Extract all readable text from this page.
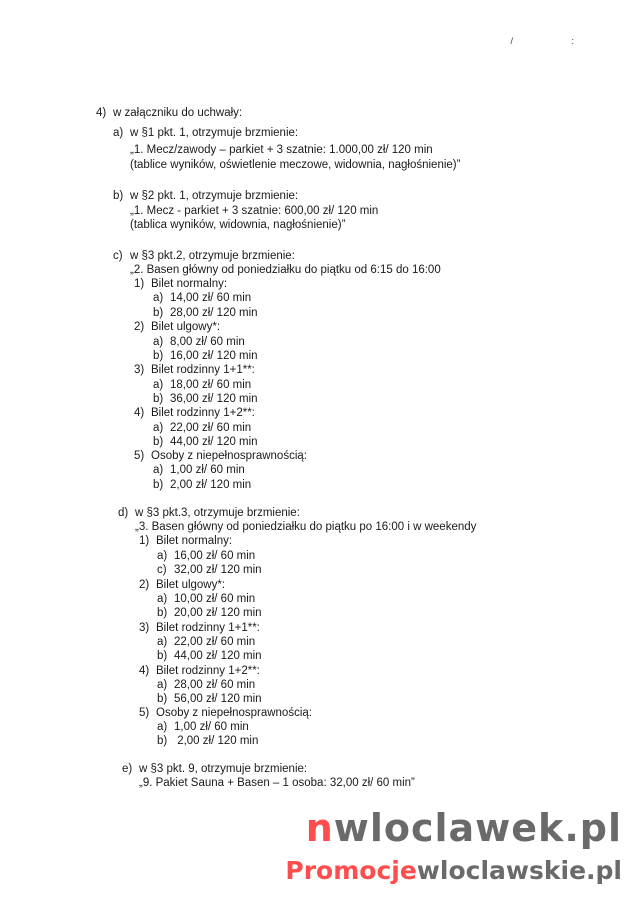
/ :
4) w załączniku do uchwały:
a) w §1 pkt. 1, otrzymuje brzmienie:
„1. Mecz/zawody – parkiet + 3 szatnie: 1.000,00 zł/ 120 min
(tablice wyników, oświetlenie meczowe, widownia, nagłośnienie)”
b) w §2 pkt. 1, otrzymuje brzmienie:
„1. Mecz - parkiet + 3 szatnie: 600,00 zł/ 120 min
(tablica wyników, widownia, nagłośnienie)”
c) w §3 pkt.2, otrzymuje brzmienie:
„2. Basen główny od poniedziałku do piątku od 6:15 do 16:00
1) Bilet normalny:
a) 14,00 zł/ 60 min
b) 28,00 zł/ 120 min
2) Bilet ulgowy*:
a) 8,00 zł/ 60 min
b) 16,00 zł/ 120 min
3) Bilet rodzinny 1+1**:
a) 18,00 zł/ 60 min
b) 36,00 zł/ 120 min
4) Bilet rodzinny 1+2**:
a) 22,00 zł/ 60 min
b) 44,00 zł/ 120 min
5) Osoby z niepełnosprawnością:
a) 1,00 zł/ 60 min
b) 2,00 zł/ 120 min
d) w §3 pkt.3, otrzymuje brzmienie:
„3. Basen główny od poniedziałku do piątku po 16:00 i w weekendy
1) Bilet normalny:
a) 16,00 zł/ 60 min
c) 32,00 zł/ 120 min
2) Bilet ulgowy*:
a) 10,00 zł/ 60 min
b) 20,00 zł/ 120 min
3) Bilet rodzinny 1+1**:
a) 22,00 zł/ 60 min
b) 44,00 zł/ 120 min
4) Bilet rodzinny 1+2**:
a) 28,00 zł/ 60 min
b) 56,00 zł/ 120 min
5) Osoby z niepełnosprawnością:
a) 1,00 zł/ 60 min
b) 2,00 zł/ 120 min
e) w §3 pkt. 9, otrzymuje brzmienie:
„9. Pakiet Sauna + Basen – 1 osoba: 32,00 zł/ 60 min”
nwloclawek.pl
Promocjewloclawskie.pl
